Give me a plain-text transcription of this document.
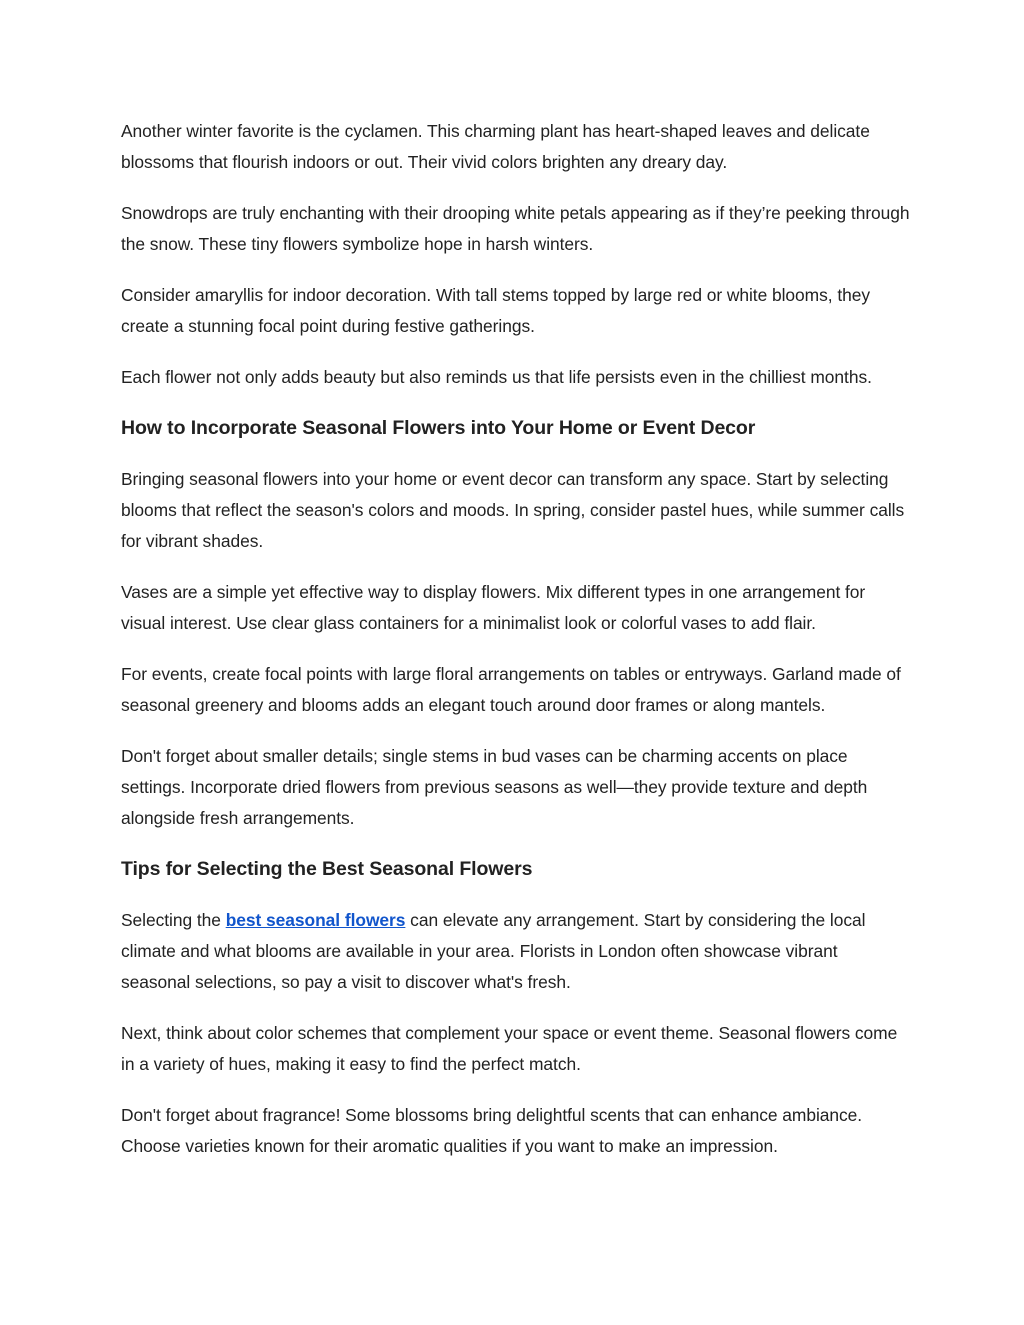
Another winter favorite is the cyclamen. This charming plant has heart-shaped leaves and delicate blossoms that flourish indoors or out. Their vivid colors brighten any dreary day.

Snowdrops are truly enchanting with their drooping white petals appearing as if they’re peeking through the snow. These tiny flowers symbolize hope in harsh winters.

Consider amaryllis for indoor decoration. With tall stems topped by large red or white blooms, they create a stunning focal point during festive gatherings.

Each flower not only adds beauty but also reminds us that life persists even in the chilliest months.

How to Incorporate Seasonal Flowers into Your Home or Event Decor

Bringing seasonal flowers into your home or event decor can transform any space. Start by selecting blooms that reflect the season's colors and moods. In spring, consider pastel hues, while summer calls for vibrant shades.

Vases are a simple yet effective way to display flowers. Mix different types in one arrangement for visual interest. Use clear glass containers for a minimalist look or colorful vases to add flair.

For events, create focal points with large floral arrangements on tables or entryways. Garland made of seasonal greenery and blooms adds an elegant touch around door frames or along mantels.

Don't forget about smaller details; single stems in bud vases can be charming accents on place settings. Incorporate dried flowers from previous seasons as well—they provide texture and depth alongside fresh arrangements.

Tips for Selecting the Best Seasonal Flowers

Selecting the best seasonal flowers can elevate any arrangement. Start by considering the local climate and what blooms are available in your area. Florists in London often showcase vibrant seasonal selections, so pay a visit to discover what's fresh.

Next, think about color schemes that complement your space or event theme. Seasonal flowers come in a variety of hues, making it easy to find the perfect match.

Don't forget about fragrance! Some blossoms bring delightful scents that can enhance ambiance. Choose varieties known for their aromatic qualities if you want to make an impression.
